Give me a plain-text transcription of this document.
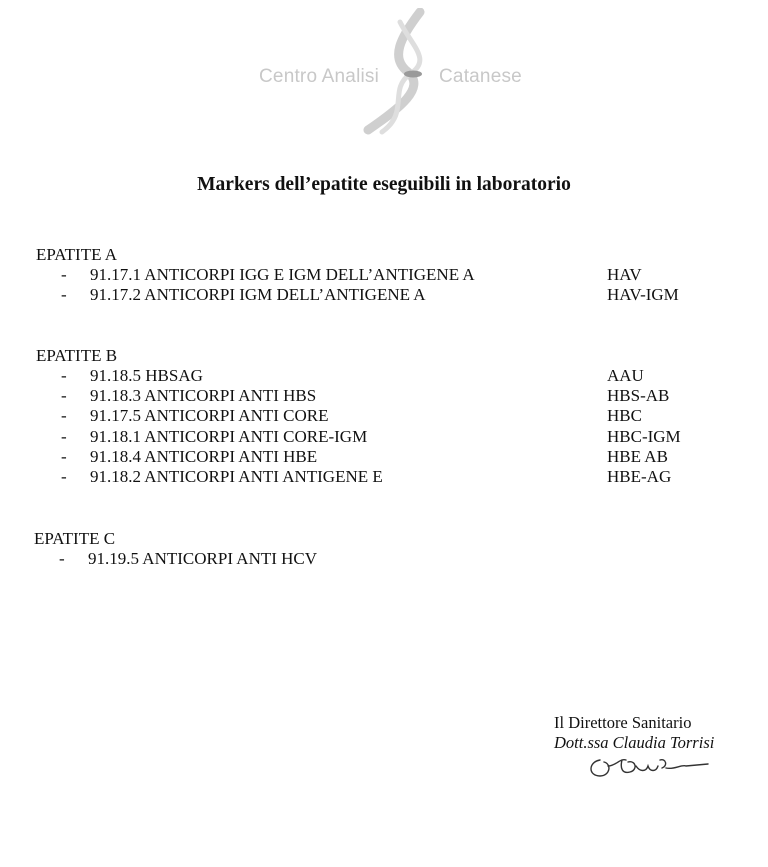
Centro Analisi	Catanese
Markers dell’epatite eseguibili in laboratorio

EPATITE A

- 91.17.1 ANTICORPI IGG E IGM DELL’ANTIGENE A	HAV
- 91.17.2 ANTICORPI IGM DELL’ANTIGENE A	HAV-IGM

EPATITE B

- 91.18.5 HBSAG	AAU
- 91.18.3 ANTICORPI ANTI HBS	HBS-AB
- 91.17.5 ANTICORPI ANTI CORE	HBC
- 91.18.1 ANTICORPI ANTI CORE-IGM	HBC-IGM
- 91.18.4 ANTICORPI ANTI HBE	HBE AB
- 91.18.2 ANTICORPI ANTI ANTIGENE E	HBE-AG

EPATITE C

- 91.19.5 ANTICORPI ANTI HCV
Il Direttore Sanitario
Dott.ssa Claudia Torrisi
